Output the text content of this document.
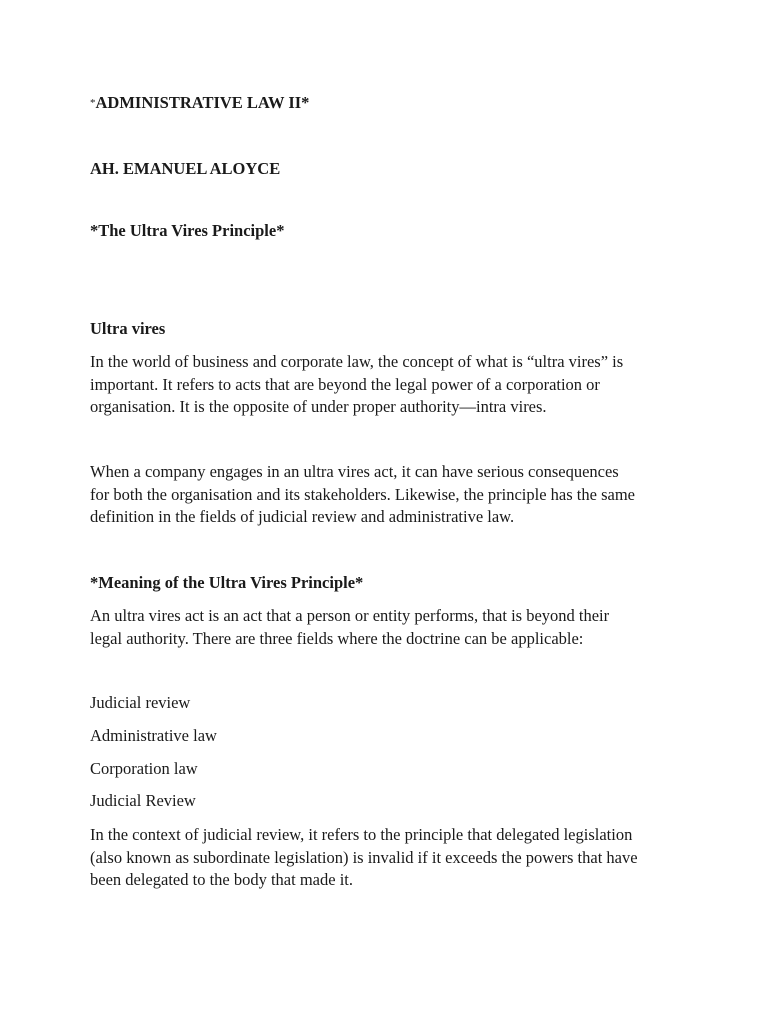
*ADMINISTRATIVE LAW II*
AH. EMANUEL ALOYCE
*The Ultra Vires Principle*
Ultra vires
In the world of business and corporate law, the concept of what is “ultra vires” is
important. It refers to acts that are beyond the legal power of a corporation or
organisation. It is the opposite of under proper authority—intra vires.
When a company engages in an ultra vires act, it can have serious consequences
for both the organisation and its stakeholders. Likewise, the principle has the same
definition in the fields of judicial review and administrative law.
*Meaning of the Ultra Vires Principle*
An ultra vires act is an act that a person or entity performs, that is beyond their
legal authority. There are three fields where the doctrine can be applicable:
Judicial review
Administrative law
Corporation law
Judicial Review
In the context of judicial review, it refers to the principle that delegated legislation
(also known as subordinate legislation) is invalid if it exceeds the powers that have
been delegated to the body that made it.
